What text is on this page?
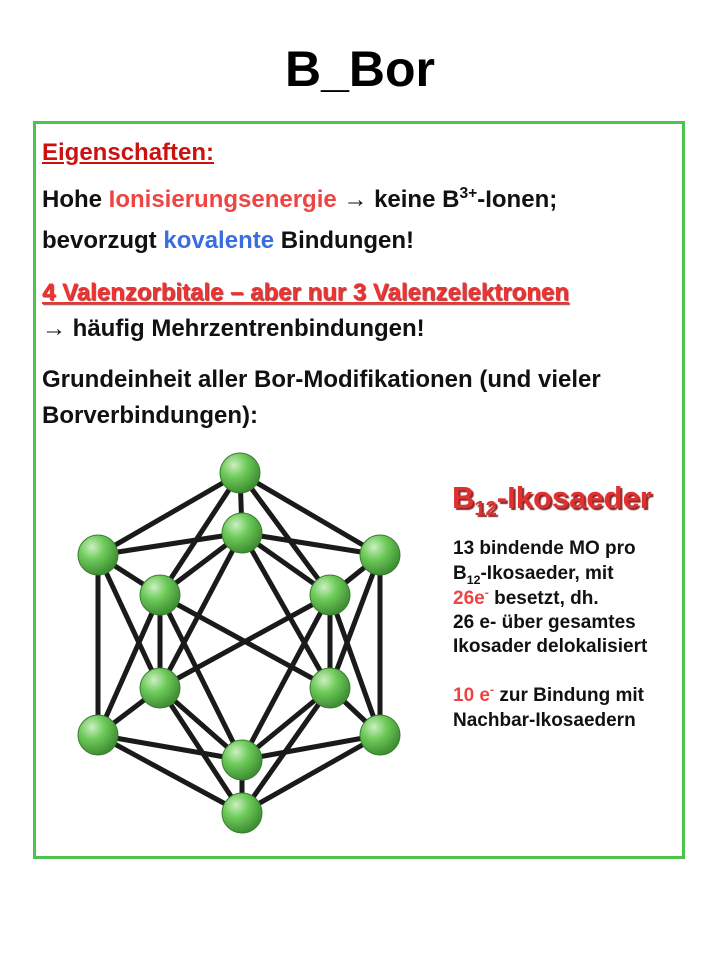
B_Bor
Eigenschaften:
Hohe Ionisierungsenergie → keine $B^{3+}$-Ionen;
bevorzugt kovalente Bindungen!
4 Valenzorbitale – aber nur 3 Valenzelektronen
→ häufig Mehrzentrenbindungen!
Grundeinheit aller Bor-Modifikationen (und vieler
Borverbindungen):
$B_{12}$-Ikosaeder
13 bindende MO pro
$B_{12}$-Ikosaeder, mit
26e- besetzt, dh.
26 e- über gesamtes
Ikosader delokalisiert
10 e- zur Bindung mit
Nachbar-Ikosaedern
